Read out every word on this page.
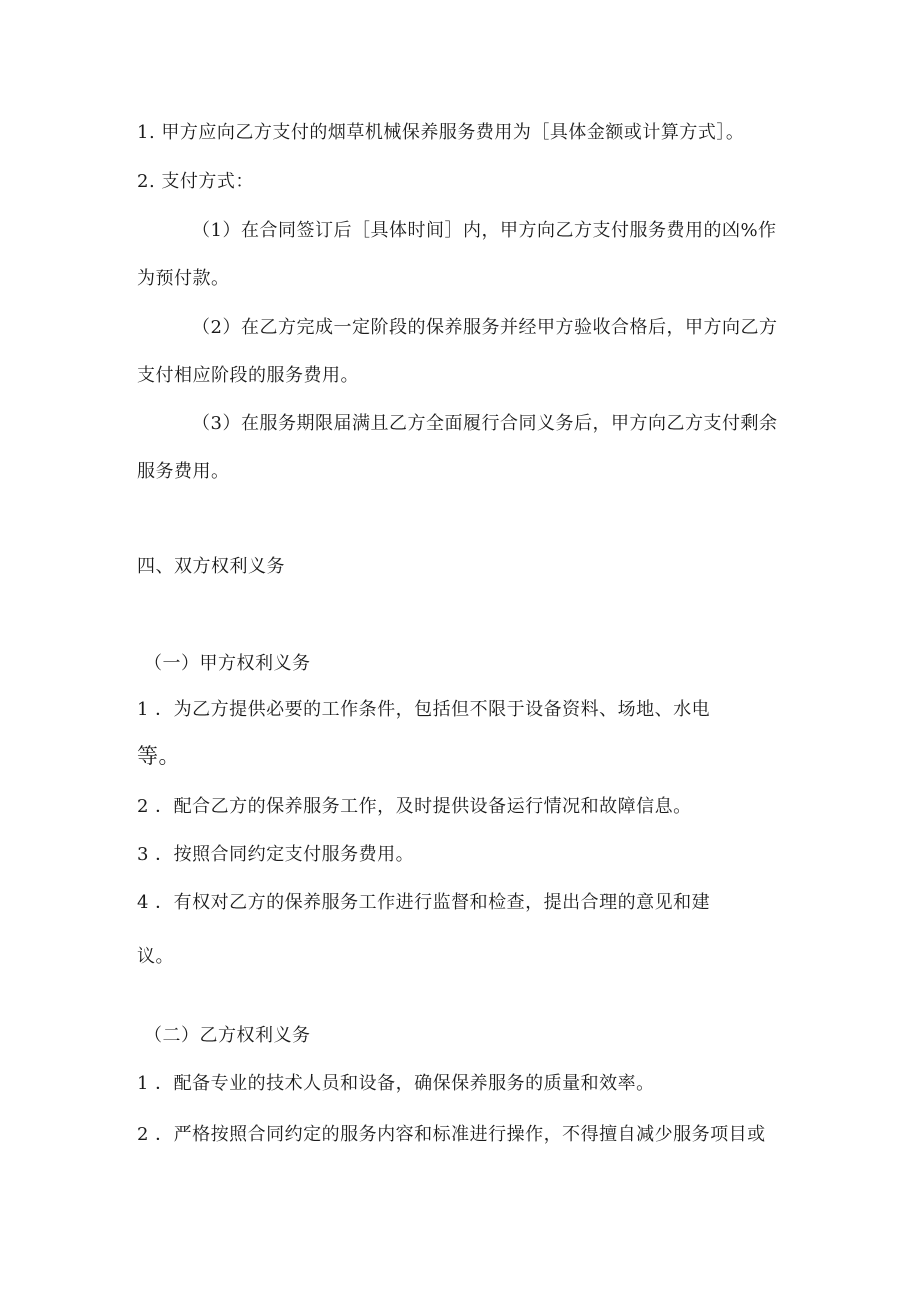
1. 甲方应向乙方支付的烟草机械保养服务费用为［具体金额或计算方式］。
2. 支付方式：
（1）在合同签订后［具体时间］内，甲方向乙方支付服务费用的凶%作
为预付款。
（2）在乙方完成一定阶段的保养服务并经甲方验收合格后，甲方向乙方
支付相应阶段的服务费用。
（3）在服务期限届满且乙方全面履行合同义务后，甲方向乙方支付剩余
服务费用。
四、双方权利义务
（一）甲方权利义务
1 ．为乙方提供必要的工作条件，包括但不限于设备资料、场地、水电
等。
2 ．配合乙方的保养服务工作，及时提供设备运行情况和故障信息。
3 ．按照合同约定支付服务费用。
4 ．有权对乙方的保养服务工作进行监督和检查，提出合理的意见和建
议。
（二）乙方权利义务
1 ．配备专业的技术人员和设备，确保保养服务的质量和效率。
2 ．严格按照合同约定的服务内容和标准进行操作，不得擅自减少服务项目或
